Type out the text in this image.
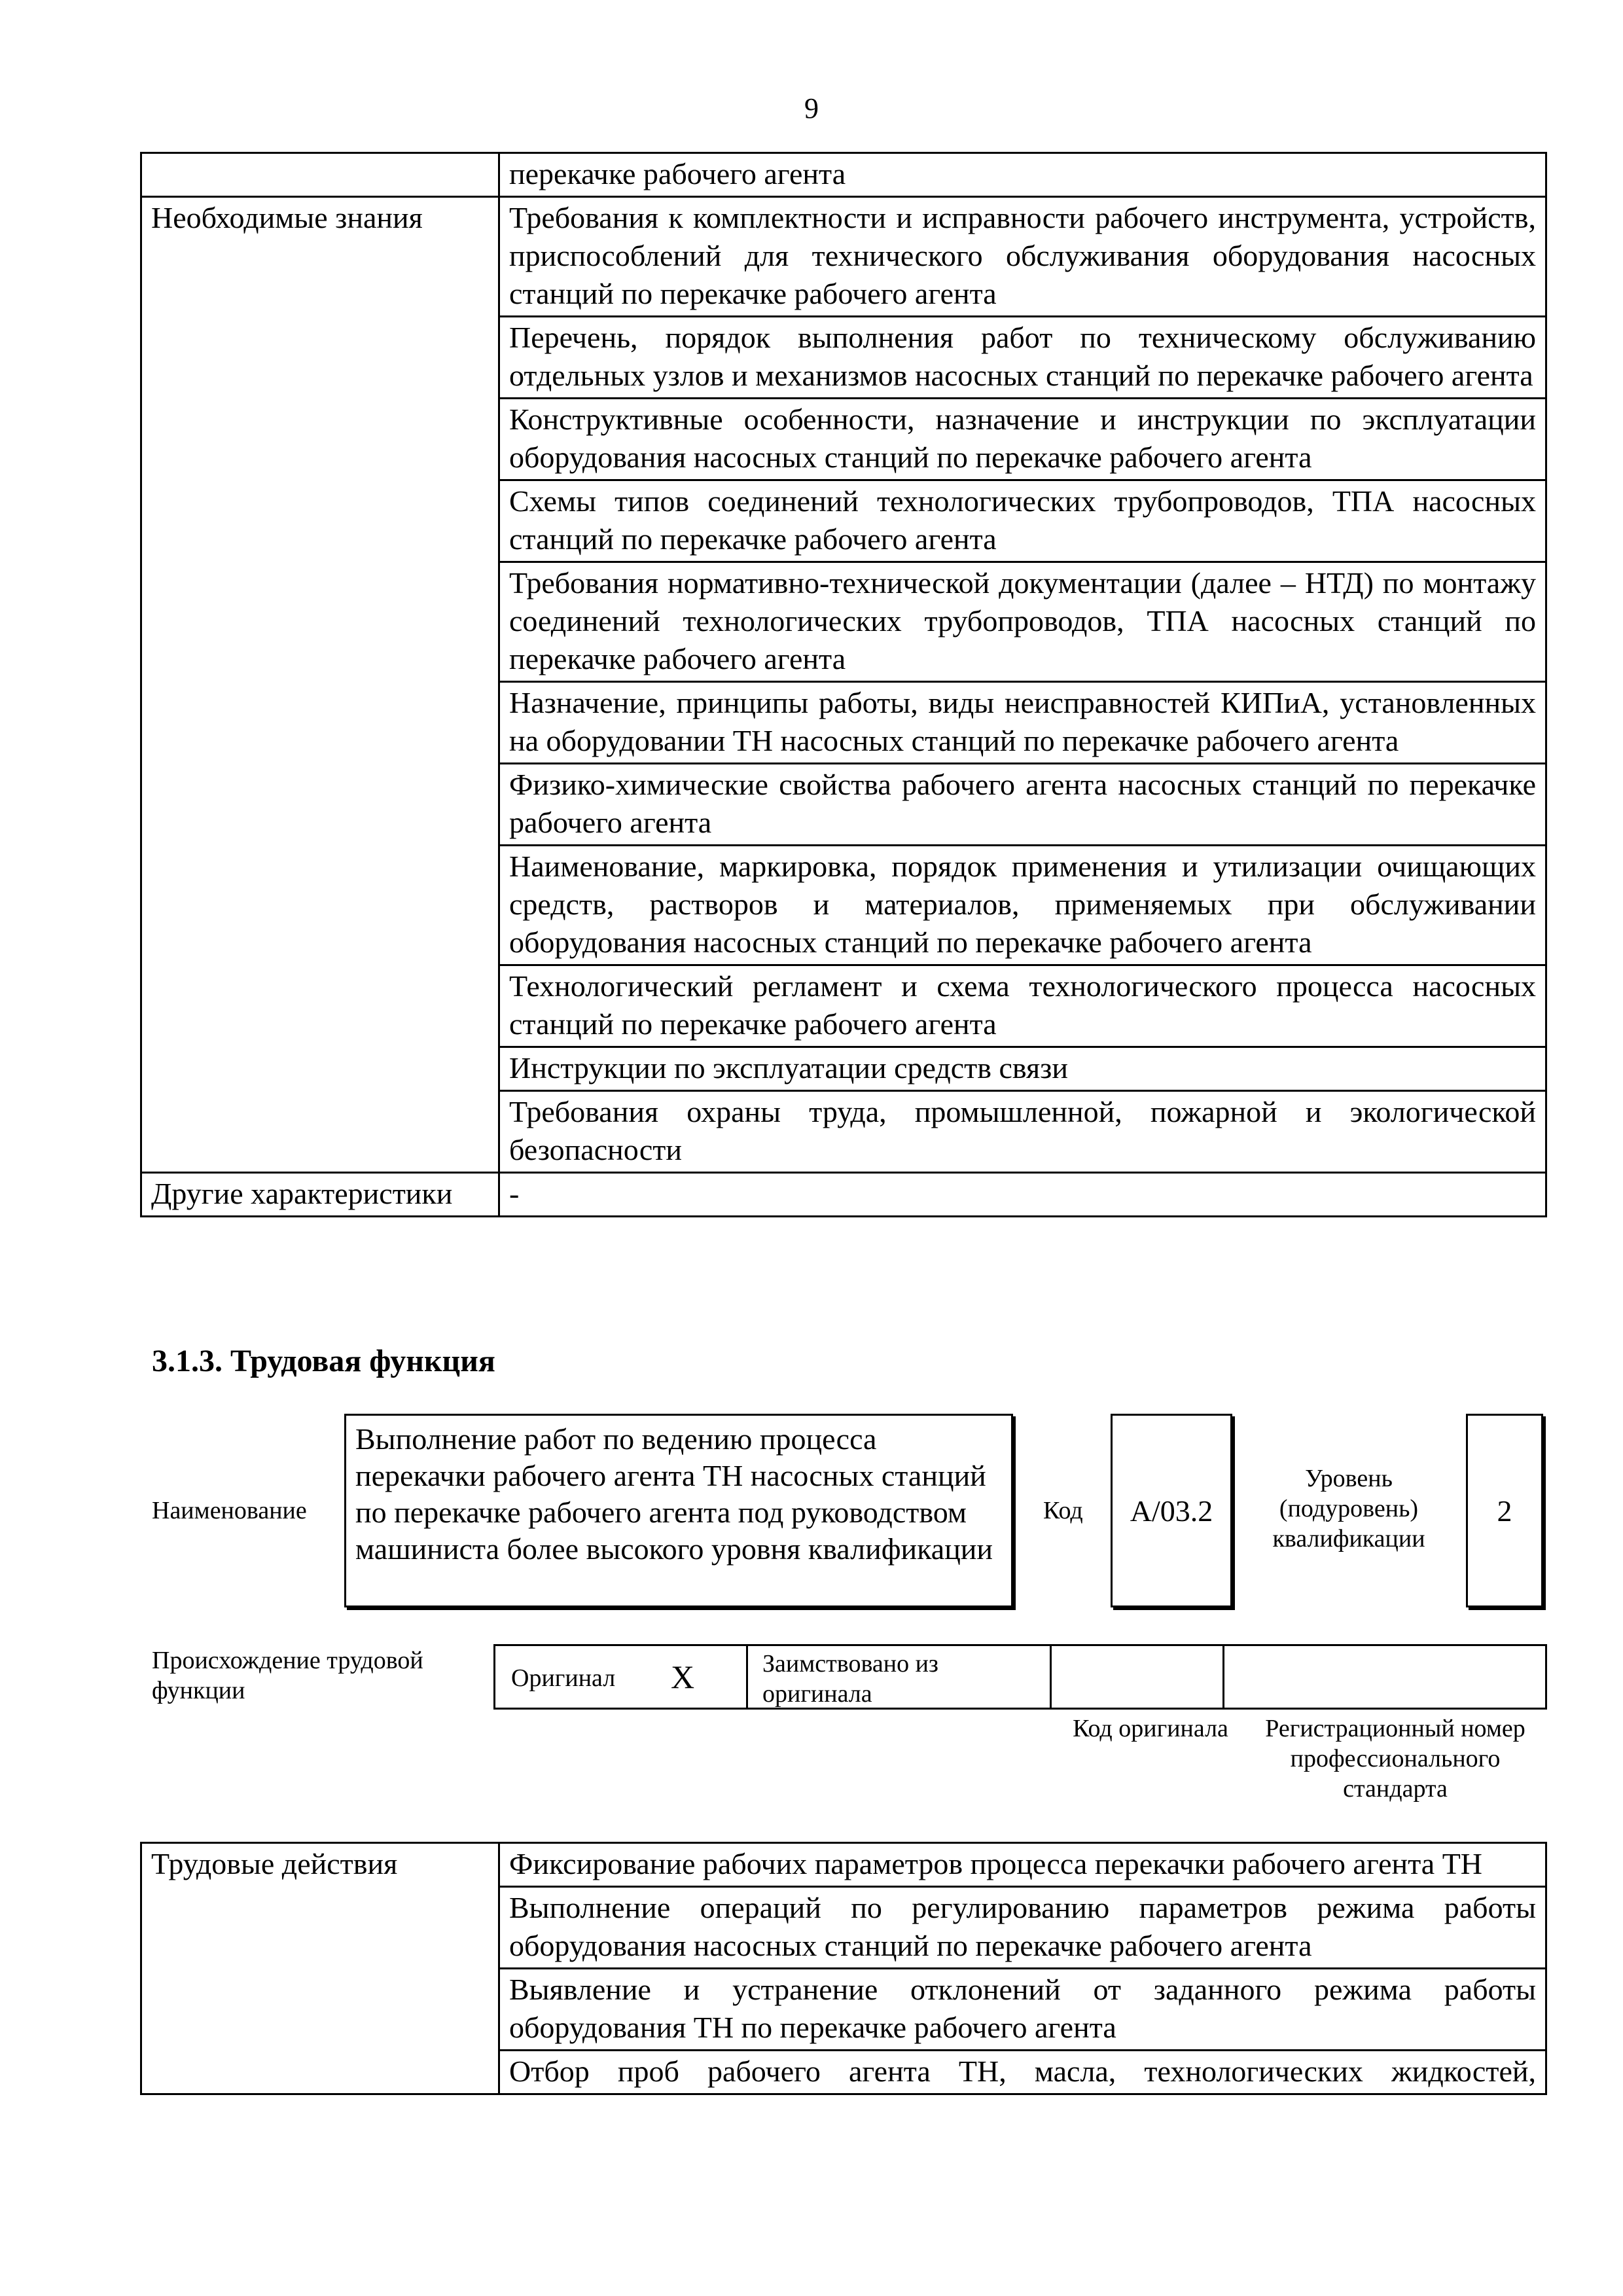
9
	перекачке рабочего агента
Необходимые знания	Требования к комплектности и исправности рабочего инструмента, устройств, приспособлений для технического обслуживания оборудования насосных станций по перекачке рабочего агента
	Перечень, порядок выполнения работ по техническому обслуживанию отдельных узлов и механизмов насосных станций по перекачке рабочего агента
	Конструктивные особенности, назначение и инструкции по эксплуатации оборудования насосных станций по перекачке рабочего агента
	Схемы типов соединений технологических трубопроводов, ТПА насосных станций по перекачке рабочего агента
	Требования нормативно-технической документации (далее – НТД) по монтажу соединений технологических трубопроводов, ТПА насосных станций по перекачке рабочего агента
	Назначение, принципы работы, виды неисправностей КИПиА, установленных на оборудовании ТН насосных станций по перекачке рабочего агента
	Физико-химические свойства рабочего агента насосных станций по перекачке рабочего агента
	Наименование, маркировка, порядок применения и утилизации очищающих средств, растворов и материалов, применяемых при обслуживании оборудования насосных станций по перекачке рабочего агента
	Технологический регламент и схема технологического процесса насосных станций по перекачке рабочего агента
	Инструкции по эксплуатации средств связи
	Требования охраны труда, промышленной, пожарной и экологической безопасности
Другие характеристики	-
3.1.3. Трудовая функция
Наименование
Выполнение работ по ведению процесса перекачки рабочего агента ТН насосных станций по перекачке рабочего агента под руководством машиниста более высокого уровня квалификации
Код А/03.2
Уровень (подуровень) квалификации
2
Происхождение трудовой функции	Оригинал X	Заимствовано из оригинала
Код оригинала	Регистрационный номер профессионального стандарта
Трудовые действия	Фиксирование рабочих параметров процесса перекачки рабочего агента ТН
Выполнение операций по регулированию параметров режима работы оборудования насосных станций по перекачке рабочего агента
Выявление и устранение отклонений от заданного режима работы оборудования ТН по перекачке рабочего агента
Отбор проб рабочего агента ТН, масла, технологических жидкостей,
